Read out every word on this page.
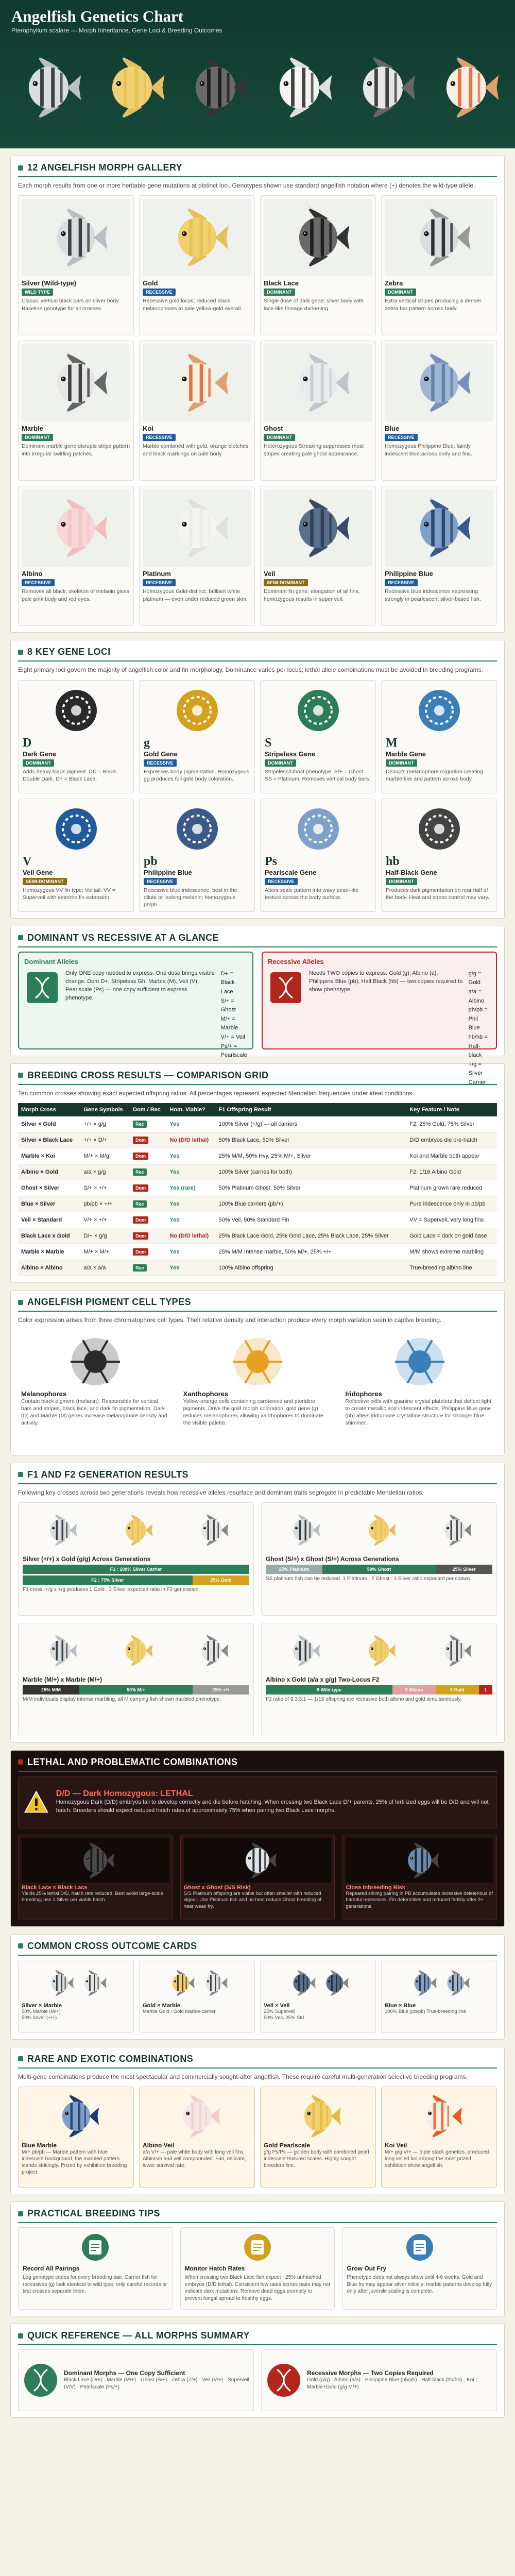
Angelfish Genetics Chart

Pterophyllum scalare — Morph Inheritance, Gene Loci & Breeding Outcomes

12 ANGELFISH MORPH GALLERY

Each morph results from one or more heritable gene mutations at distinct loci. Genotypes shown use standard angelfish notation where (+) denotes the wild-type allele.

Silver (Wild-type)
WILD TYPE
Classic vertical black bars on silver body. Baseline genotype for all crosses.
Gold
RECESSIVE
Recessive gold locus; reduced black melanophores to pale yellow-gold overall.
Black Lace
DOMINANT
Single dose of dark gene; silver body with lace-like finnage darkening.
Zebra
DOMINANT
Extra vertical stripes producing a denser zebra bar pattern across body.
Marble
DOMINANT
Dominant marble gene disrupts stripe pattern into irregular swirling patches.
Koi
RECESSIVE
Marble combined with gold, orange blotches and black markings on pale body.
Ghost
DOMINANT
Heterozygous Streaking suppresses most stripes creating pale ghost appearance.
Blue
RECESSIVE
Homozygous Philippine Blue; faintly iridescent blue across body and fins.
Albino
RECESSIVE
Removes all black; skeleton of melanin gives pale pink body and red eyes.
Platinum
RECESSIVE
Homozygous Gold-distinct, brilliant white platinum — even under reduced green skin.
Veil
SEMI-DOMINANT
Dominant fin gene; elongation of all fins, homozygous results in super veil.
Philippine Blue
RECESSIVE
Recessive blue iridescence expressing strongly in pearlescent silver-based fish.
8 KEY GENE LOCI

Eight primary loci govern the majority of angelfish color and fin morphology. Dominance varies per locus; lethal allele combinations must be avoided in breeding programs.

D
Dark Gene
DOMINANT
Adds heavy black pigment. DD = Black Double Dark. D+ = Black Lace.
g
Gold Gene
RECESSIVE
Expresses body pigmentation. Homozygous gg produces full gold body coloration.
S
Stripeless Gene
DOMINANT
Stripeless/Ghost phenotype. S/+ = Ghost. SS = Platinum. Removes vertical body bars.
M
Marble Gene
DOMINANT
Disrupts melanophore migration creating marble-like and pattern across body.
V
Veil Gene
SEMI-DOMINANT
Homozygous VV fin type; Veiltail; VV = Superveil with extreme fin extension.
pb
Philippine Blue
RECESSIVE
Recessive blue iridescence, best in the dilute or lacking melanin; homozygous pb/pb.
Ps
Pearlscale Gene
RECESSIVE
Alters scale pattern into wavy pearl-like texture across the body surface.
hb
Half-Black Gene
DOMINANT
Produces dark pigmentation on rear half of the body. Heat and stress control may vary.
DOMINANT VS RECESSIVE AT A GLANCE
Dominant Alleles
Only ONE copy needed to express. One dose brings visible change: Dom D+, Stripeless Gh, Marble (M), Veil (V), Pearlscale (Ps) — one copy sufficient to express phenotype.
D+ = Black Lace
S/+ = Ghost
M/+ = Marble
V/+ = Veil
Ps/+ = Pearlscale
Recessive Alleles
Needs TWO copies to express. Gold (g), Albino (a), Philippine Blue (pb), Half Black (hb) — two copies required to show phenotype.
g/g = Gold
a/a = Albino
pb/pb = Phil Blue
hb/hb = Half-black
+/g = Silver Carrier
BREEDING CROSS RESULTS — COMPARISON GRID

Ten common crosses showing exact expected offspring ratios. All percentages represent expected Mendelian frequencies under ideal conditions.

Morph Cross	Gene Symbols	Dom / Rec	Hom. Viable?	F1 Offspring Result	Key Feature / Note
Silver × Gold	+/+ × g/g	Rec	Yes	100% Silver (+/g) — all carriers	F2: 25% Gold, 75% Silver
Silver × Black Lace	+/+ × D/+	Dom	No (D/D lethal)	50% Black Lace, 50% Silver	D/D embryos die pre-hatch
Marble × Koi	M/+ × M/g	Dom	Yes	25% M/M, 50% Hvy, 25% M/+, Silver	Koi and Marble both appear
Albino × Gold	a/a × g/g	Rec	Yes	100% Silver (carries for both)	F2: 1/16 Albino Gold
Ghost × Silver	S/+ × +/+	Dom	Yes (rare)	50% Platinum Ghost, 50% Silver	Platinum grown rare reduced
Blue × Silver	pb/pb × +/+	Rec	Yes	100% Blue carriers (pb/+)	Pure iridescence only in pb/pb
Veil × Standard	V/+ × +/+	Dom	Yes	50% Veil, 50% Standard Fin	VV = Superveil, very long fins
Black Lace x Gold	D/+ × g/g	Dom	No (D/D lethal)	25% Black Lace Gold, 25% Gold Lace, 25% Black Lace, 25% Silver	Gold Lace = dark on gold base
Marble × Marble	M/+ × M/+	Dom	Yes	25% M/M Intense marble, 50% M/+, 25% +/+	M/M shows extreme marbling
Albino × Albino	a/a × a/a	Rec	Yes	100% Albino offspring	True-breeding albino line
ANGELFISH PIGMENT CELL TYPES

Color expression arises from three chromatophore cell types. Their relative density and interaction produce every morph variation seen in captive breeding.

Melanophores
Contain black pigment (melanin). Responsible for vertical bars and stripes, black lace, and dark fin pigmentation. Dark (D) and Marble (M) genes increase melanophore density and activity.
Xanthophores
Yellow-orange cells containing carotenoid and pteridine pigments. Drive the gold morph coloration; gold gene (g) reduces melanophores allowing xanthophores to dominate the visible palette.
Iridophores
Reflective cells with guanine crystal platelets that deflect light to create metallic and iridescent effects. Philippine Blue gene (pb) alters iridophore crystalline structure for stronger blue shimmer.
F1 AND F2 GENERATION RESULTS

Following key crosses across two generations reveals how recessive alleles resurface and dominant traits segregate in predictable Mendelian ratios.

Silver (+/+) x Gold (g/g) Across Generations
F1 : 100% Silver Carrier
F2 : 75% Silver	25% Gold
F1 cross: +/g x +/g produces 1 Gold : 3 Silver expected ratio in F2 generation.
Ghost (S/+) x Ghost (S/+) Across Generations
25% Platinum	50% Ghost	25% Silver
SS platinum fish can be reduced. 1 Platinum : 2 Ghost : 1 Silver ratio expected per spawn.
Marble (M/+) x Marble (M/+)
25% M/M	50% M/+	25% +/+
M/M individuals display intense marbling, all M carrying fish shown marbled phenotype.
Albino x Gold (a/a x g/g) Two-Locus F2
9 Wild-type	3 Albino	3 Gold	1
F2 ratio of 9:3:3:1 — 1/16 offspring are recessive both albino and gold simultaneously.
LETHAL AND PROBLEMATIC COMBINATIONS
D/D — Dark Homozygous: LETHAL
Homozygous Dark (D/D) embryos fail to develop correctly and die before hatching. When crossing two Black Lace D/+ parents, 25% of fertilized eggs will be D/D and will not hatch. Breeders should expect reduced hatch rates of approximately 75% when pairing two Black Lace morphs.
Black Lace × Black Lace
Yields 25% lethal D/D, hatch rate reduced. Best avoid large-scale breeding; use 1 Silver per viable batch.
Ghost x Ghost (S/S Risk)
S/S Platinum offspring are viable but often smaller with reduced vigour. Use Platinum fish and no heat reduce Ghost breeding of near weak fry.
Close Inbreeding Risk
Repeated sibling pairing in PB accumulates recessive deleterious of harmful recessives. Fin deformities and reduced fertility after 3+ generations.
COMMON CROSS OUTCOME CARDS
Silver × Marble
50% Marble (M/+)
50% Silver (+/+)
Gold × Marble
Marble Gold / Gold Marble-carrier
Veil × Veil
25% Superveil
50% Veil, 25% Std
Blue × Blue
100% Blue (pb/pb) True-breeding line
RARE AND EXOTIC COMBINATIONS

Multi-gene combinations produce the most spectacular and commercially sought-after angelfish. These require careful multi-generation selective breeding programs.

Blue Marble
M/+ pb/pb — Marble pattern with blue iridescent background, the marbled pattern stands strikingly. Prized by exhibition breeding project.
Albino Veil
a/a V/+ — pale white body with long veil fins; Albinism and veil compounded. Fair, delicate, lower survival rate.
Gold Pearlscale
g/g Ps/Ps — golden body with combined pearl iridescent textured scales. Highly sought breeders fine.
Koi Veil
M/+ g/g V/+ — triple stack genetics, produced long veiled koi among the most prized exhibition show angelfish.
PRACTICAL BREEDING TIPS
Record All Pairings
Log genotype codes for every breeding pair. Carrier fish for recessives (g) look identical to wild type; only careful records or test crosses separate them.
Monitor Hatch Rates
When crossing two Black Lace fish expect ~25% unhatched embryos (D/D lethal). Consistent low rates across pairs may not indicate dark mutations. Remove dead eggs promptly to prevent fungal spread to healthy eggs.
Grow Out Fry
Phenotype does not always show until 4-6 weeks. Gold and Blue fry may appear silver initially; marble patterns develop fully only after juvenile scaling is complete.
QUICK REFERENCE — ALL MORPHS SUMMARY
Dominant Morphs — One Copy Sufficient
Black Lace (D/+) · Marble (M/+) · Ghost (S/+) · Zebra (Z/+) · Veil (V/+) · Superveil (V/V) · Pearlscale (Ps/+)
Recessive Morphs — Two Copies Required
Gold (g/g) · Albino (a/a) · Philippine Blue (pb/pb) · Half-black (hb/hb) · Koi = Marble+Gold (g/g M/+)
